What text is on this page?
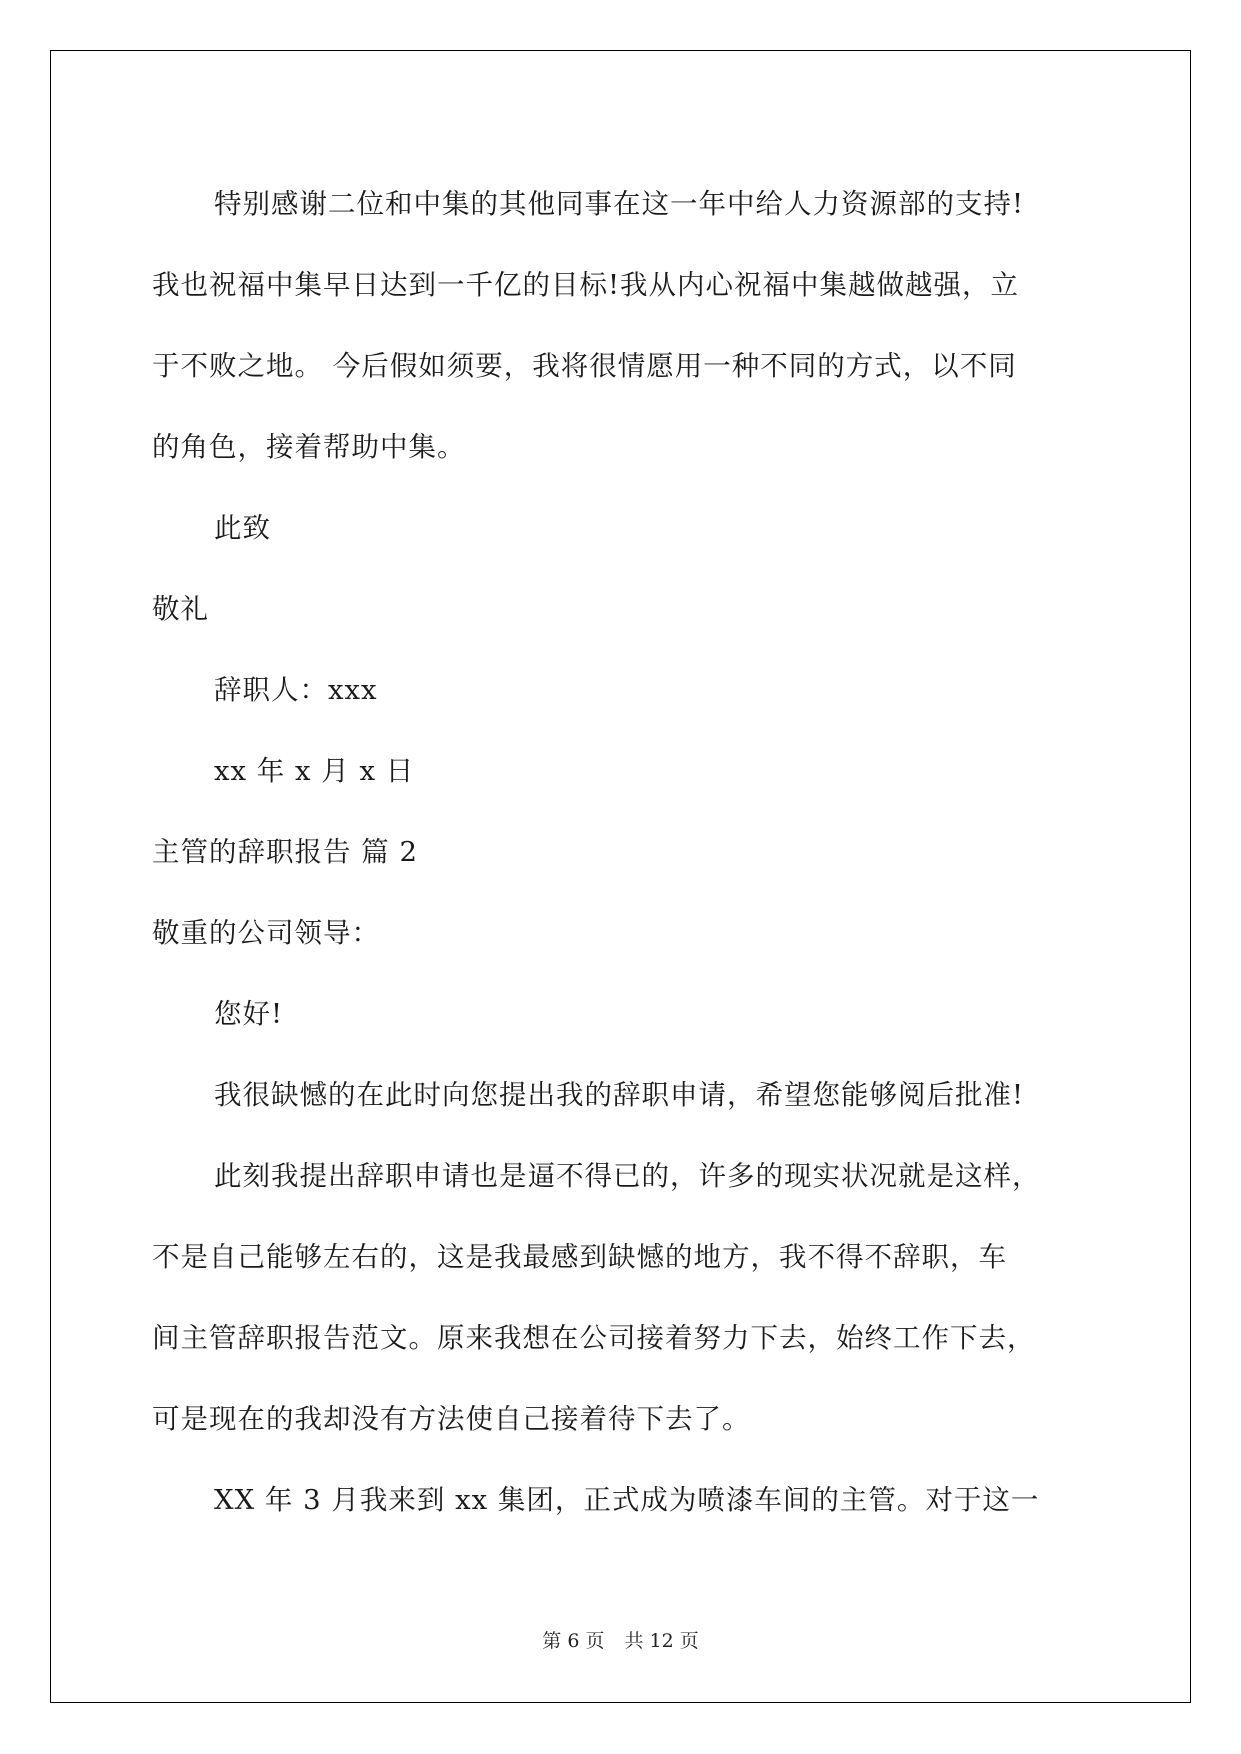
特别感谢二位和中集的其他同事在这一年中给人力资源部的支持!

我也祝福中集早日达到一千亿的目标!我从内心祝福中集越做越强，立

于不败之地。 今后假如须要，我将很情愿用一种不同的方式，以不同

的角色，接着帮助中集。

此致

敬礼

辞职人：xxx

xx 年 x 月 x 日

主管的辞职报告 篇 2

敬重的公司领导：

您好!

我很缺憾的在此时向您提出我的辞职申请，希望您能够阅后批准!

此刻我提出辞职申请也是逼不得已的，许多的现实状况就是这样，

不是自己能够左右的，这是我最感到缺憾的地方，我不得不辞职，车

间主管辞职报告范文。原来我想在公司接着努力下去，始终工作下去，

可是现在的我却没有方法使自己接着待下去了。

XX 年 3 月我来到 xx 集团，正式成为喷漆车间的主管。对于这一

第 6 页 共 12 页
